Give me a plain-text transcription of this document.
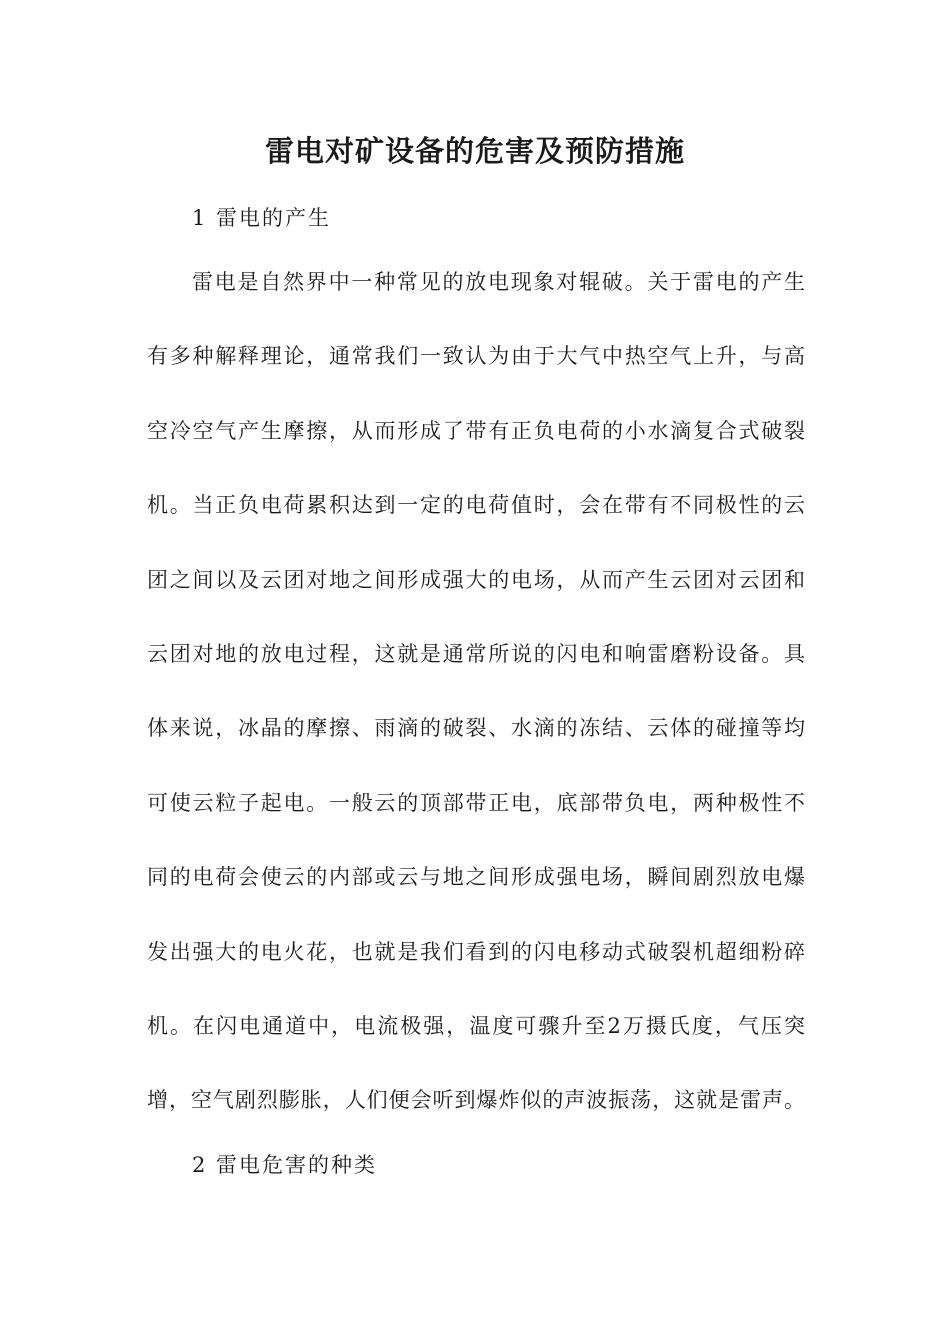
雷电对矿设备的危害及预防措施

1 雷电的产生

雷电是自然界中一种常见的放电现象对辊破。关于雷电的产生
有多种解释理论，通常我们一致认为由于大气中热空气上升，与高
空冷空气产生摩擦，从而形成了带有正负电荷的小水滴复合式破裂
机。当正负电荷累积达到一定的电荷值时，会在带有不同极性的云
团之间以及云团对地之间形成强大的电场，从而产生云团对云团和
云团对地的放电过程，这就是通常所说的闪电和响雷磨粉设备。具
体来说，冰晶的摩擦、雨滴的破裂、水滴的冻结、云体的碰撞等均
可使云粒子起电。一般云的顶部带正电，底部带负电，两种极性不
同的电荷会使云的内部或云与地之间形成强电场，瞬间剧烈放电爆
发出强大的电火花，也就是我们看到的闪电移动式破裂机超细粉碎
机。在闪电通道中，电流极强，温度可骤升至2万摄氏度，气压突
增，空气剧烈膨胀，人们便会听到爆炸似的声波振荡，这就是雷声。

2 雷电危害的种类
